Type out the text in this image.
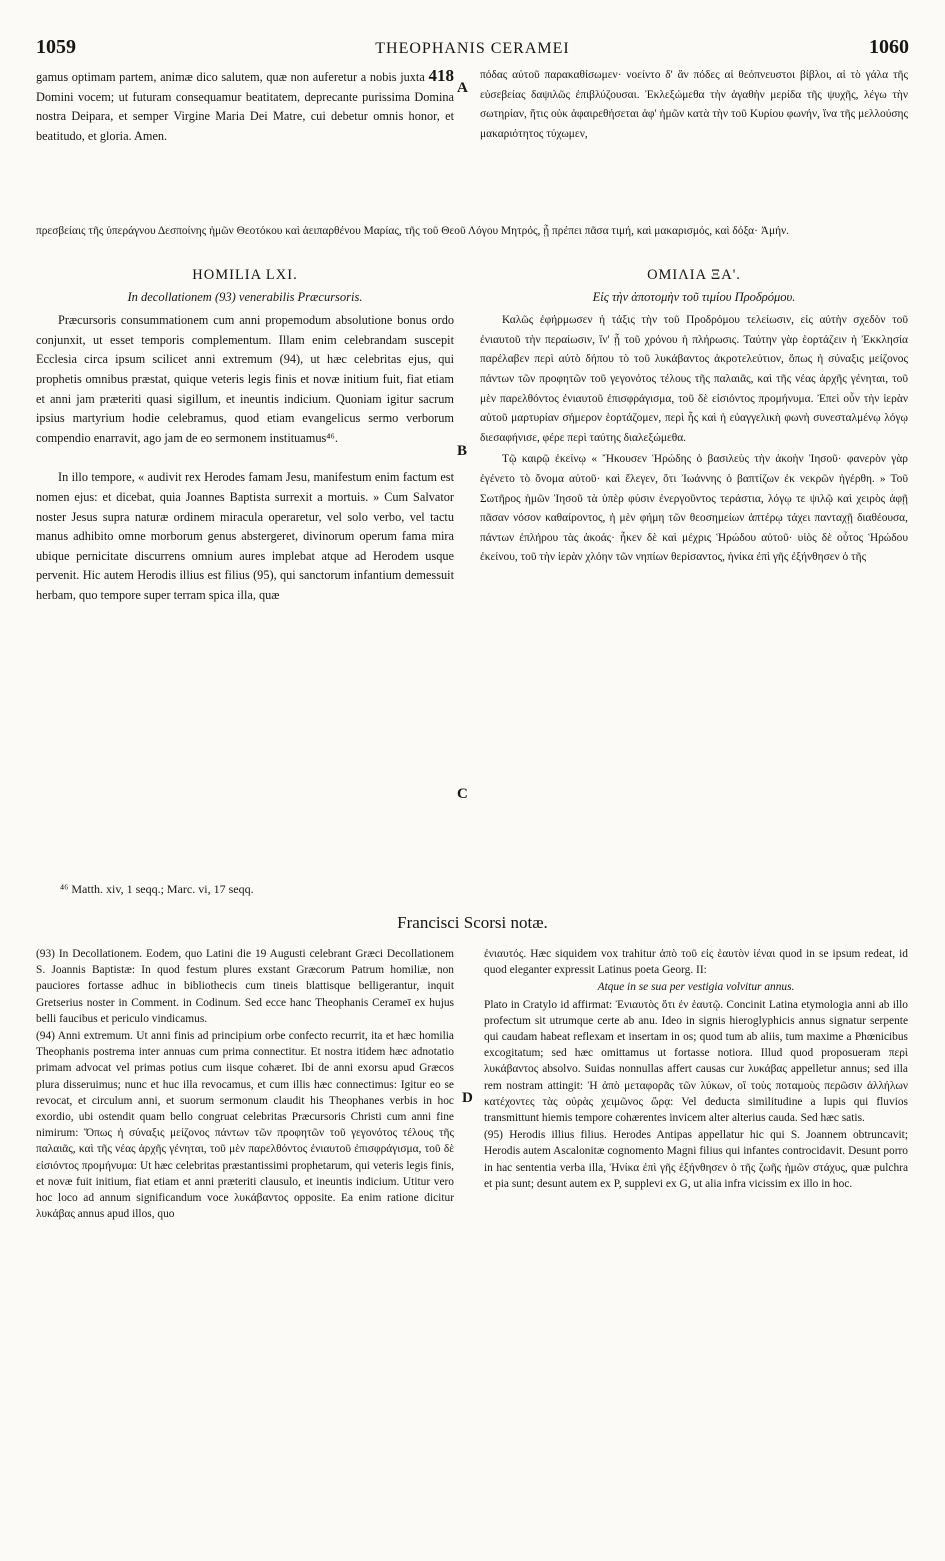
1059	THEOPHANIS CERAMEI	1060

gamus optimam partem, animæ dico salutem, quæ non auferetur a nobis juxta 418 Domini vocem; ut futuram consequamur beatitatem, deprecante purissima Domina nostra Deipara, et semper Virgine Maria Dei Matre, cui debetur omnis honor, et beatitudo, et gloria. Amen.

πόδας αὐτοῦ παρακαθίσωμεν· νοείντο δ' ἂν πόδες αἱ θεόπνευστοι βίβλοι, αἱ τὸ γάλα τῆς εὐσεβείας δαψιλῶς ἐπιβλύζουσαι. Ἐκλεξώμεθα τὴν ἀγαθὴν μερίδα τῆς ψυχῆς, λέγω τὴν σωτηρίαν, ἥτις οὐκ ἀφαιρεθήσεται ἀφ' ἡμῶν κατὰ τὴν τοῦ Κυρίου φωνήν, ἵνα τῆς μελλούσης μακαριότητος τύχωμεν,

πρεσβείαις τῆς ὑπεράγνου Δεσποίνης ἡμῶν Θεοτόκου καὶ ἀειπαρθένου Μαρίας, τῆς τοῦ Θεοῦ Λόγου Μητρός, ᾗ πρέπει πᾶσα τιμή, καὶ μακαρισμός, καὶ δόξα· Ἀμήν.

HOMILIA LXI.
In decollationem (93) venerabilis Præcursoris.

Præcursoris consummationem cum anni propemodum absolutione bonus ordo conjunxit, ut esset temporis complementum. Illam enim celebrandam suscepit Ecclesia circa ipsum scilicet anni extremum (94), ut hæc celebritas ejus, qui prophetis omnibus præstat, quique veteris legis finis et novæ initium fuit, fiat etiam et anni jam præteriti quasi sigillum, et ineuntis indicium. Quoniam igitur sacrum ipsius martyrium hodie celebramus, quod etiam evangelicus sermo verborum compendio enarravit, ago jam de eo sermonem instituamus⁴⁶.

In illo tempore, « audivit rex Herodes famam Jesu, manifestum enim factum est nomen ejus: et dicebat, quia Joannes Baptista surrexit a mortuis. » Cum Salvator noster Jesus supra naturæ ordinem miracula operaretur, vel solo verbo, vel tactu manus adhibito omne morborum genus abstergeret, divinorum operum fama mira ubique pernicitate discurrens omnium aures implebat atque ad Herodem usque pervenit. Hic autem Herodis illius est filius (95), qui sanctorum infantium demessuit herbam, quo tempore super terram spica illa, quæ

ΟΜΙΛΙΑ ΞΑ'.
Εἰς τὴν ἀποτομὴν τοῦ τιμίου Προδρόμου.

Καλῶς ἐφήρμωσεν ἡ τάξις τὴν τοῦ Προδρόμου τελείωσιν, εἰς αὐτὴν σχεδὸν τοῦ ἐνιαυτοῦ τὴν περαίωσιν, ἵν' ᾖ τοῦ χρόνου ἡ πλήρωσις. Ταύτην γὰρ ἑορτάζειν ἡ Ἐκκλησία παρέλαβεν περὶ αὐτὸ δήπου τὸ τοῦ λυκάβαντος ἀκροτελεύτιον, ὅπως ἡ σύναξις μείζονος πάντων τῶν προφητῶν τοῦ γεγονότος τέλους τῆς παλαιᾶς, καὶ τῆς νέας ἀρχῆς γένηται, τοῦ μὲν παρελθόντος ἐνιαυτοῦ ἐπισφράγισμα, τοῦ δὲ εἰσιόντος προμήνυμα. Ἐπεὶ οὖν τὴν ἱερὰν αὐτοῦ μαρτυρίαν σήμερον ἑορτάζομεν, περὶ ἧς καὶ ἡ εὐαγγελικὴ φωνὴ συνεσταλμένῳ λόγῳ διεσαφήνισε, φέρε περὶ ταύτης διαλεξώμεθα.

Τῷ καιρῷ ἐκείνῳ « Ἤκουσεν Ἡρώδης ὁ βασιλεὺς τὴν ἀκοὴν Ἰησοῦ· φανερὸν γὰρ ἐγένετο τὸ ὄνομα αὐτοῦ· καὶ ἔλεγεν, ὅτι Ἰωάννης ὁ βαπτίζων ἐκ νεκρῶν ἠγέρθη. » Τοῦ Σωτῆρος ἡμῶν Ἰησοῦ τὰ ὑπὲρ φύσιν ἐνεργοῦντος τεράστια, λόγῳ τε ψιλῷ καὶ χειρὸς ἀφῇ πᾶσαν νόσον καθαίροντος, ἡ μὲν φήμη τῶν θεοσημείων ἀπτέρῳ τάχει πανταχῇ διαθέουσα, πάντων ἐπλήρου τὰς ἀκοάς· ἧκεν δὲ καὶ μέχρις Ἡρώδου αὐτοῦ· υἱὸς δὲ οὗτος Ἡρώδου ἐκείνου, τοῦ τὴν ἱερὰν χλόην τῶν νηπίων θερίσαντος, ἡνίκα ἐπὶ γῆς ἐξήνθησεν ὁ τῆς

A
B
C
D
⁴⁶ Matth. xiv, 1 seqq.; Marc. vi, 17 seqq.
Francisci Scorsi notæ.

(93) In Decollationem. Eodem, quo Latini die 19 Augusti celebrant Græci Decollationem S. Joannis Baptistæ: In quod festum plures exstant Græcorum Patrum homiliæ, non pauciores fortasse adhuc in bibliothecis cum tineis blattisque belligerantur, inquit Gretserius noster in Comment. in Codinum. Sed ecce hanc Theophanis Cerameī ex hujus belli faucibus et periculo vindicamus.

(94) Anni extremum. Ut anni finis ad principium orbe confecto recurrit, ita et hæc homilia Theophanis postrema inter annuas cum prima connectitur. Et nostra itidem hæc adnotatio primam advocat vel primas potius cum iisque cohæret. Ibi de anni exorsu apud Græcos plura disseruimus; nunc et huc illa revocamus, et cum illis hæc connectimus: Igitur eo se revocat, et circulum anni, et suorum sermonum claudit his Theophanes verbis in hoc exordio, ubi ostendit quam bello congruat celebritas Præcursoris Christi cum anni fine nimirum: Ὅπως ἡ σύναξις μείζονος πάντων τῶν προφητῶν τοῦ γεγονότος τέλους τῆς παλαιᾶς, καὶ τῆς νέας ἀρχῆς γένηται, τοῦ μὲν παρελθόντος ἐνιαυτοῦ ἐπισφράγισμα, τοῦ δὲ εἰσιόντος προμήνυμα: Ut hæc celebritas præstantissimi prophetarum, qui veteris legis finis, et novæ fuit initium, fiat etiam et anni præteriti clausulo, et ineuntis indicium. Utitur vero hoc loco ad annum significandum voce λυκάβαντος opposite. Ea enim ratione dicitur λυκάβας annus apud illos, quo

ἐνιαυτός. Hæc siquidem vox trahitur ἀπὸ τοῦ εἰς ἑαυτὸν ἰέναι quod in se ipsum redeat, id quod eleganter expressit Latinus poeta Georg. II:

Atque in se sua per vestigia volvitur annus.

Plato in Cratylo id affirmat: Ἐνιαυτὸς ὅτι ἐν ἑαυτῷ. Concinit Latina etymologia anni ab illo profectum sit utrumque certe ab anu. Ideo in signis hieroglyphicis annus signatur serpente qui caudam habeat reflexam et insertam in os; quod tum ab aliis, tum maxime a Phœnicibus excogitatum; sed hæc omittamus ut fortasse notiora. Illud quod proposueram περὶ λυκάβαντος absolvo. Suidas nonnullas affert causas cur λυκάβας appelletur annus; sed illa rem nostram attingit: Ἡ ἀπὸ μεταφορᾶς τῶν λύκων, οἳ τοὺς ποταμοὺς περῶσιν ἀλλήλων κατέχοντες τὰς οὐρὰς χειμῶνος ὥρᾳ: Vel deducta similitudine a lupis qui fluvios transmittunt hiemis tempore cohærentes invicem alter alterius cauda. Sed hæc satis.

(95) Herodis illius filius. Herodes Antipas appellatur hic qui S. Joannem obtruncavit; Herodis autem Ascalonitæ cognomento Magni filius qui infantes controcidavit. Desunt porro in hac sententia verba illa, Ἡνίκα ἐπὶ γῆς ἐξήνθησεν ὁ τῆς ζωῆς ἡμῶν στάχυς, quæ pulchra et pia sunt; desunt autem ex P, supplevi ex G, ut alia infra vicissim ex illo in hoc.
